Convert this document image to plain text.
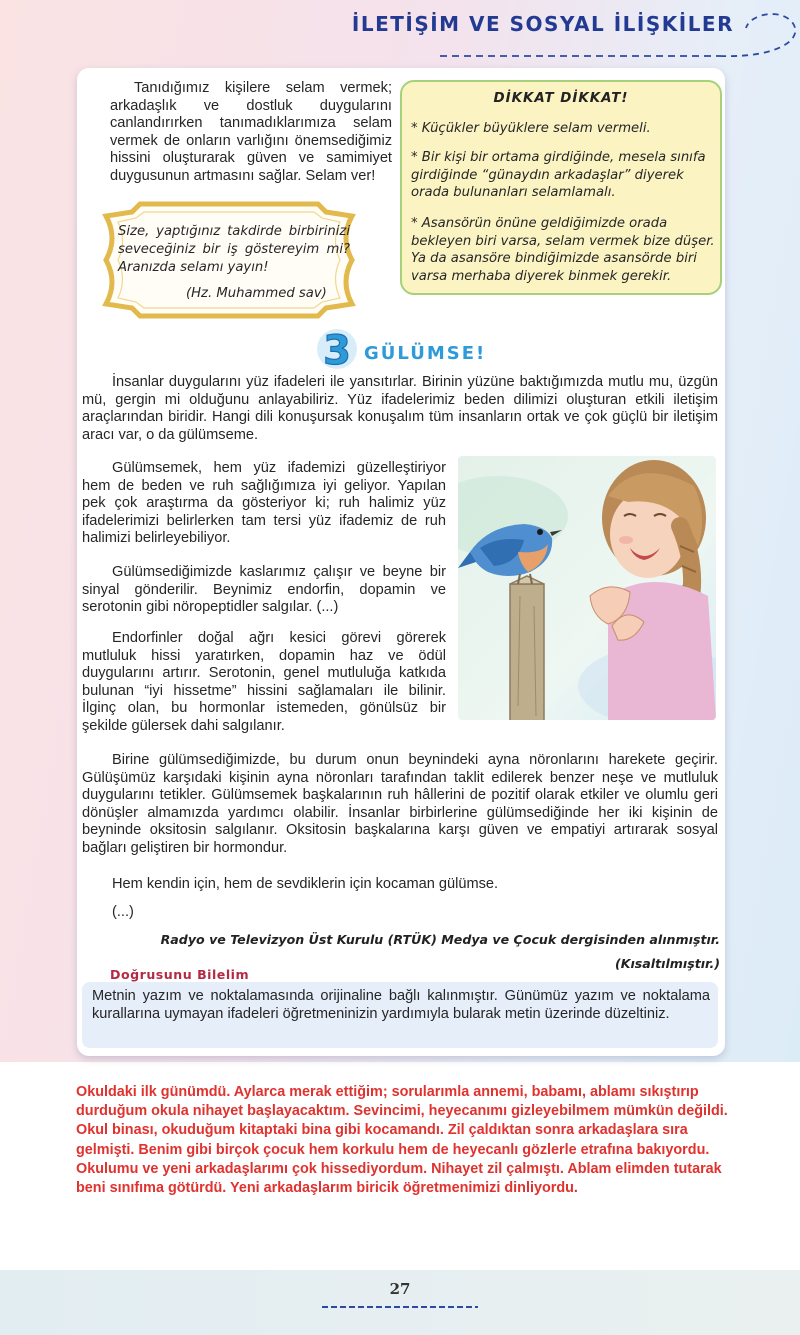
İLETİŞİM VE SOSYAL İLİŞKİLER
Tanıdığımız kişilere selam vermek; arkadaşlık ve dostluk duygularını canlandırırken tanımadıklarımıza selam vermek de onların varlığını önemsediğimiz hissini oluşturarak güven ve samimiyet duygusunun artmasını sağlar. Selam ver!
Size, yaptığınız takdirde birbirinizi seveceğiniz bir iş göstereyim mi? Aranızda selamı yayın!
(Hz. Muhammed sav)
DİKKAT DİKKAT!
* Küçükler büyüklere selam vermeli.
* Bir kişi bir ortama girdiğinde, mesela sınıfa girdiğinde “günaydın arkadaşlar” diyerek orada bulunanları selamlamalı.
* Asansörün önüne geldiğimizde orada bekleyen biri varsa, selam vermek bize düşer. Ya da asansöre bindiğimizde asansörde biri varsa merhaba diyerek binmek gerekir.
3 GÜLÜMSE!
İnsanlar duygularını yüz ifadeleri ile yansıtırlar. Birinin yüzüne baktığımızda mutlu mu, üzgün mü, gergin mi olduğunu anlayabiliriz. Yüz ifadelerimiz beden dilimizi oluşturan etkili iletişim araçlarından biridir. Hangi dili konuşursak konuşalım tüm insanların ortak ve çok güçlü bir iletişim aracı var, o da gülümseme.
Gülümsemek, hem yüz ifademizi güzelleştiriyor hem de beden ve ruh sağlığımıza iyi geliyor. Yapılan pek çok araştırma da gösteriyor ki; ruh halimiz yüz ifadelerimizi belirlerken tam tersi yüz ifademiz de ruh halimizi belirleyebiliyor.
Gülümsediğimizde kaslarımız çalışır ve beyne bir sinyal gönderilir. Beynimiz endorfin, dopamin ve serotonin gibi nöropeptidler salgılar. (...)
Endorfinler doğal ağrı kesici görevi görerek mutluluk hissi yaratırken, dopamin haz ve ödül duygularını artırır. Serotonin, genel mutluluğa katkıda bulunan “iyi hissetme” hissini sağlamaları ile bilinir. İlginç olan, bu hormonlar istemeden, gönülsüz bir şekilde gülersek dahi salgılanır.
Birine gülümsediğimizde, bu durum onun beynindeki ayna nöronlarını harekete geçirir. Gülüşümüz karşıdaki kişinin ayna nöronları tarafından taklit edilerek benzer neşe ve mutluluk duygularını tetikler. Gülümsemek başkalarının ruh hâllerini de pozitif olarak etkiler ve olumlu geri dönüşler almamızda yardımcı olabilir. İnsanlar birbirlerine gülümsediğinde her iki kişinin de beyninde oksitosin salgılanır. Oksitosin başkalarına karşı güven ve empatiyi artırarak sosyal bağları geliştiren bir hormondur.
Hem kendin için, hem de sevdiklerin için kocaman gülümse.
(...)
Radyo ve Televizyon Üst Kurulu (RTÜK) Medya ve Çocuk dergisinden alınmıştır.
(Kısaltılmıştır.)
Doğrusunu Bilelim
Metnin yazım ve noktalamasında orijinaline bağlı kalınmıştır. Günümüz yazım ve noktalama kurallarına uymayan ifadeleri öğretmeninizin yardımıyla bularak metin üzerinde düzeltiniz.
Okuldaki ilk günümdü. Aylarca merak ettiğim; sorularımla annemi, babamı, ablamı sıkıştırıp durduğum okula nihayet başlayacaktım. Sevincimi, heyecanımı gizleyebilmem mümkün değildi. Okul binası, okuduğum kitaptaki bina gibi kocamandı. Zil çaldıktan sonra arkadaşlara sıra gelmişti. Benim gibi birçok çocuk hem korkulu hem de heyecanlı gözlerle etrafına bakıyordu. Okulumu ve yeni arkadaşlarımı çok hissediyordum. Nihayet zil çalmıştı. Ablam elimden tutarak beni sınıfıma götürdü. Yeni arkadaşlarım biricik öğretmenimizi dinliyordu.
27
